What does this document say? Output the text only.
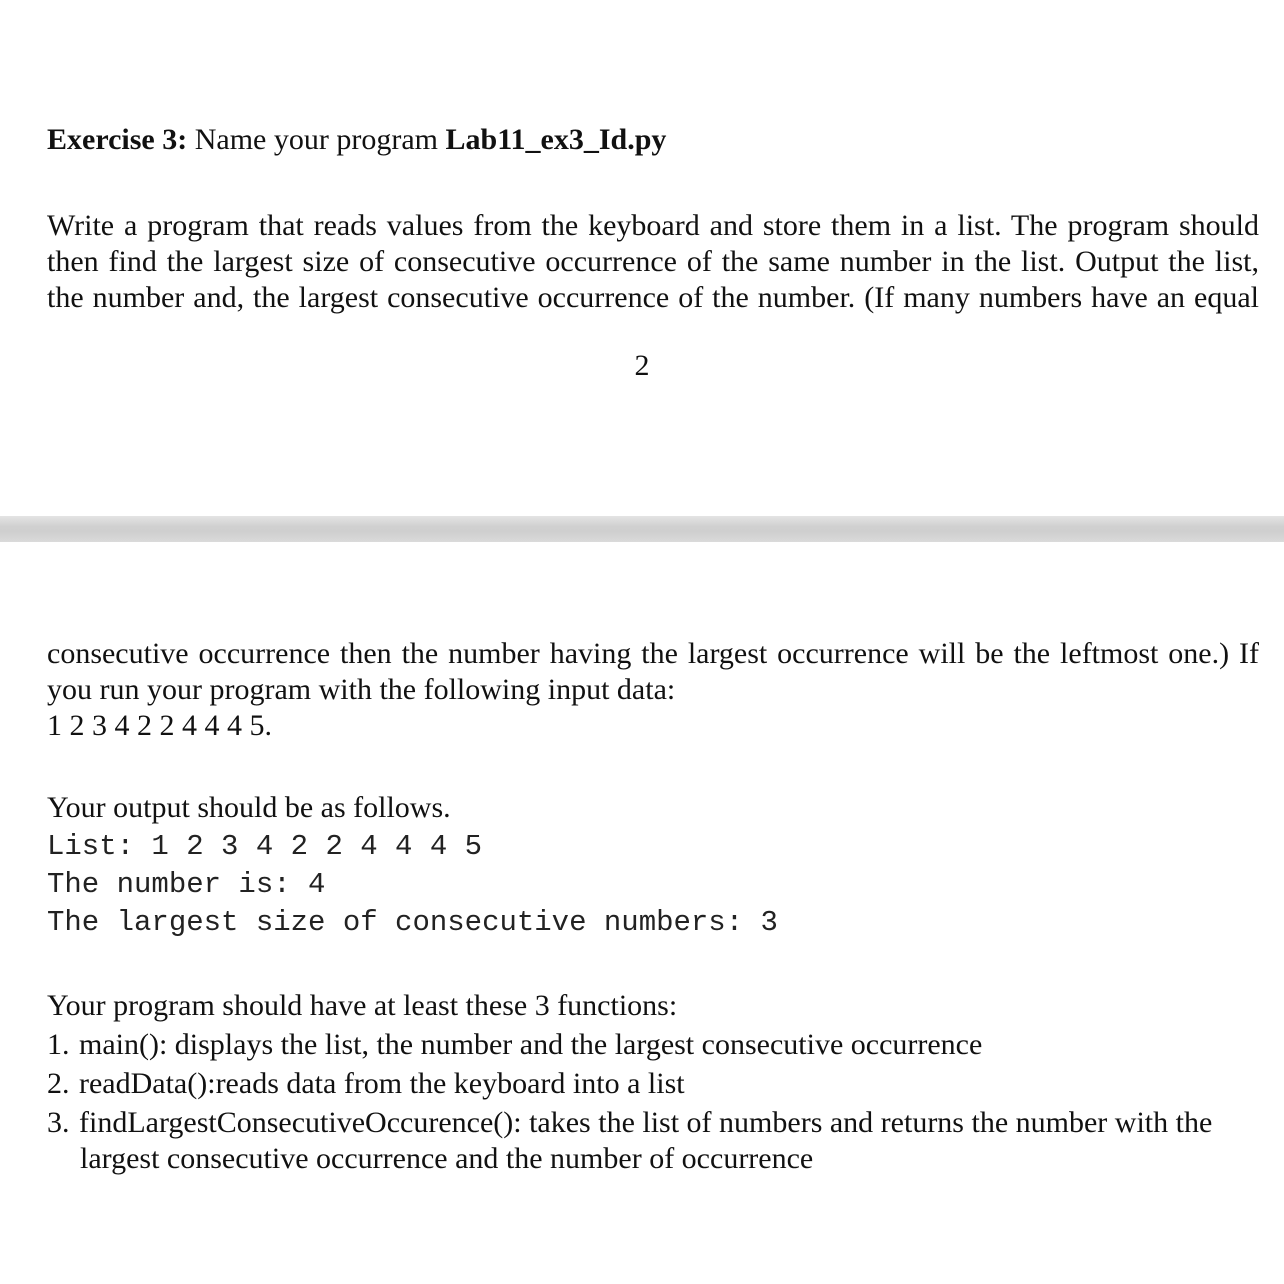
Exercise 3: Name your program Lab11_ex3_Id.py
Write a program that reads values from the keyboard and store them in a list. The program should
then find the largest size of consecutive occurrence of the same number in the list. Output the list,
the number and, the largest consecutive occurrence of the number. (If many numbers have an equal
2
consecutive occurrence then the number having the largest occurrence will be the leftmost one.) If
you run your program with the following input data:
1 2 3 4 2 2 4 4 4 5.
Your output should be as follows.
List: 1 2 3 4 2 2 4 4 4 5
The number is: 4
The largest size of consecutive numbers: 3
Your program should have at least these 3 functions:
1. main(): displays the list, the number and the largest consecutive occurrence
2. readData():reads data from the keyboard into a list
3. findLargestConsecutiveOccurence(): takes the list of numbers and returns the number with the
largest consecutive occurrence and the number of occurrence
